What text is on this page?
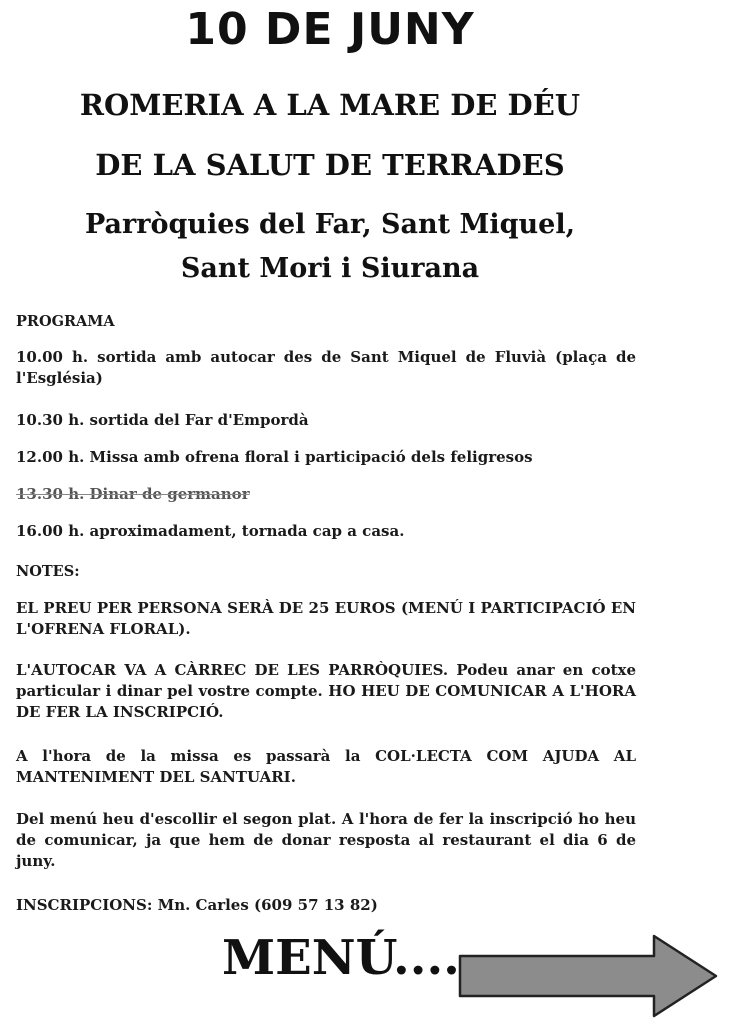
10 DE JUNY
ROMERIA A LA MARE DE DÉU
DE LA SALUT DE TERRADES
Parròquies del Far, Sant Miquel,
Sant Mori i Siurana
PROGRAMA
10.00 h. sortida amb autocar des de Sant Miquel de Fluvià (plaça de l'Església)
10.30 h. sortida del Far d'Empordà
12.00 h. Missa amb ofrena floral i participació dels feligresos
13.30 h. Dinar de germanor
16.00 h. aproximadament, tornada cap a casa.
NOTES:
EL PREU PER PERSONA SERÀ DE 25 EUROS (MENÚ I PARTICIPACIÓ EN L'OFRENA FLORAL).
L'AUTOCAR VA A CÀRREC DE LES PARRÒQUIES. Podeu anar en cotxe particular i dinar pel vostre compte. HO HEU DE COMUNICAR A L'HORA DE FER LA INSCRIPCIÓ.
A l'hora de la missa es passarà la COL·LECTA COM AJUDA AL MANTENIMENT DEL SANTUARI.
Del menú heu d'escollir el segon plat. A l'hora de fer la inscripció ho heu de comunicar, ja que hem de donar resposta al restaurant el dia 6 de juny.
INSCRIPCIONS: Mn. Carles (609 57 13 82)
MENÚ....
